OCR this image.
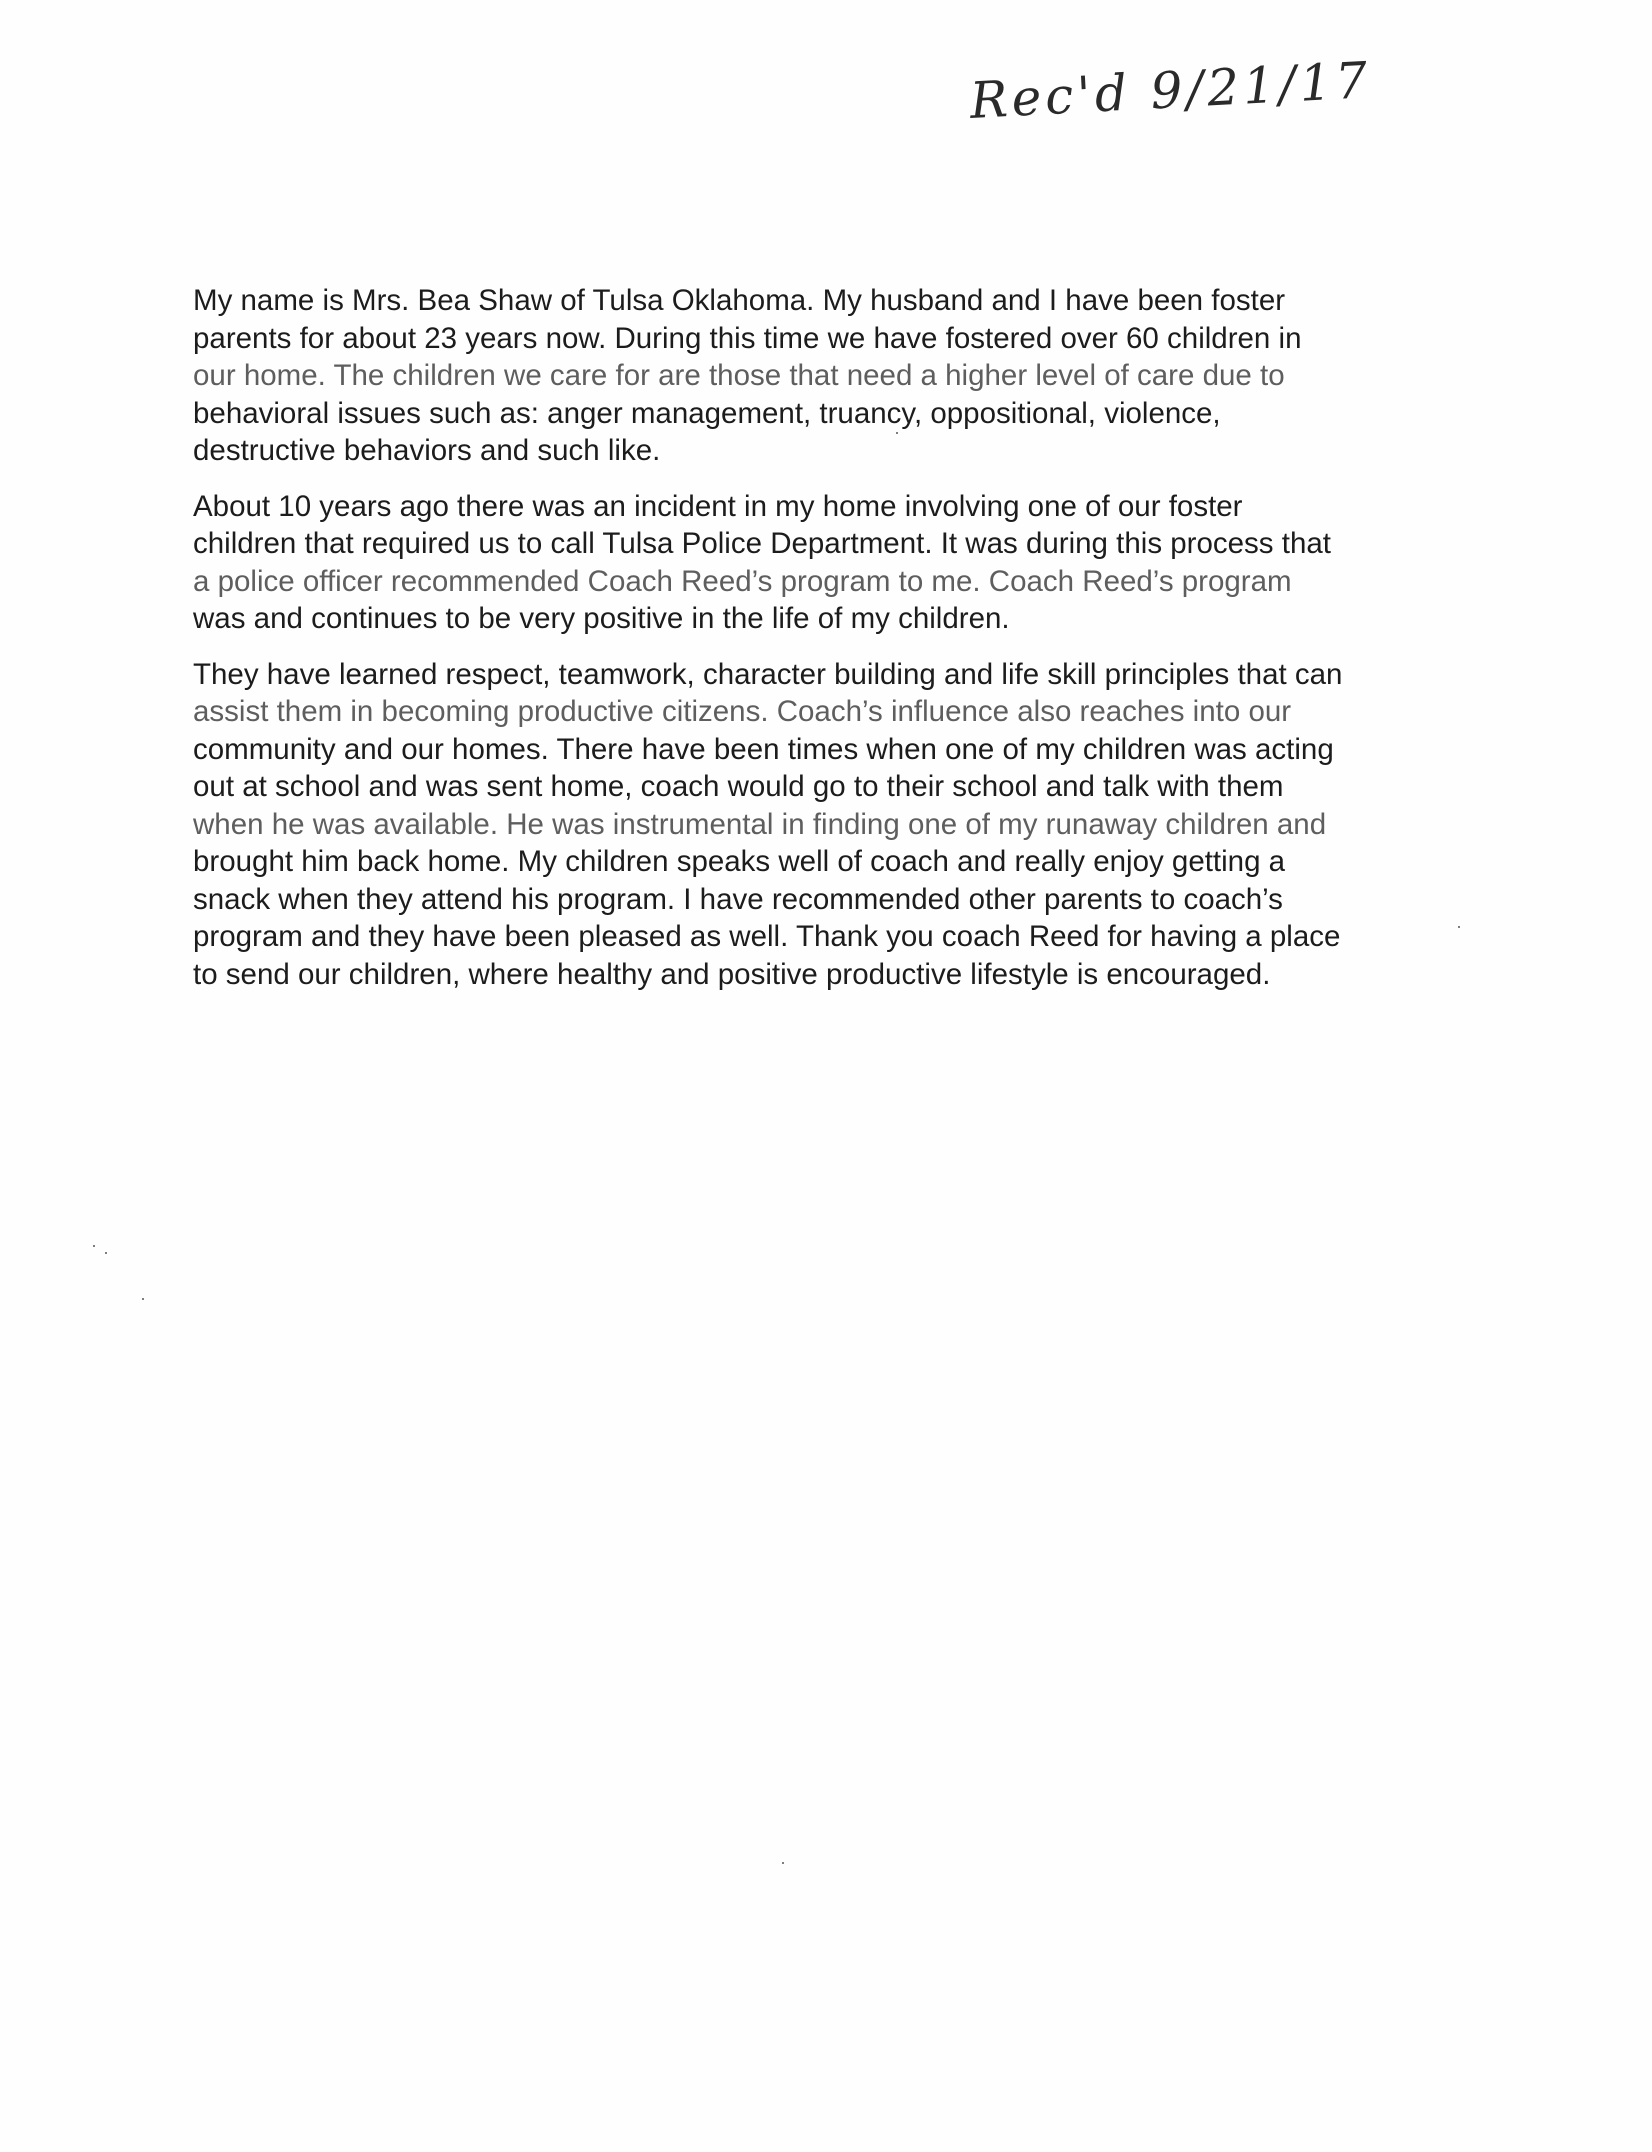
Rec'd 9/21/17
My name is Mrs. Bea Shaw of Tulsa Oklahoma. My husband and I have been foster
parents for about 23 years now. During this time we have fostered over 60 children in
our home. The children we care for are those that need a higher level of care due to
behavioral issues such as: anger management, truancy, oppositional, violence,
destructive behaviors and such like.
About 10 years ago there was an incident in my home involving one of our foster
children that required us to call Tulsa Police Department. It was during this process that
a police officer recommended Coach Reed’s program to me. Coach Reed’s program
was and continues to be very positive in the life of my children.
They have learned respect, teamwork, character building and life skill principles that can
assist them in becoming productive citizens. Coach’s influence also reaches into our
community and our homes. There have been times when one of my children was acting
out at school and was sent home, coach would go to their school and talk with them
when he was available. He was instrumental in finding one of my runaway children and
brought him back home. My children speaks well of coach and really enjoy getting a
snack when they attend his program. I have recommended other parents to coach’s
program and they have been pleased as well. Thank you coach Reed for having a place
to send our children, where healthy and positive productive lifestyle is encouraged.
